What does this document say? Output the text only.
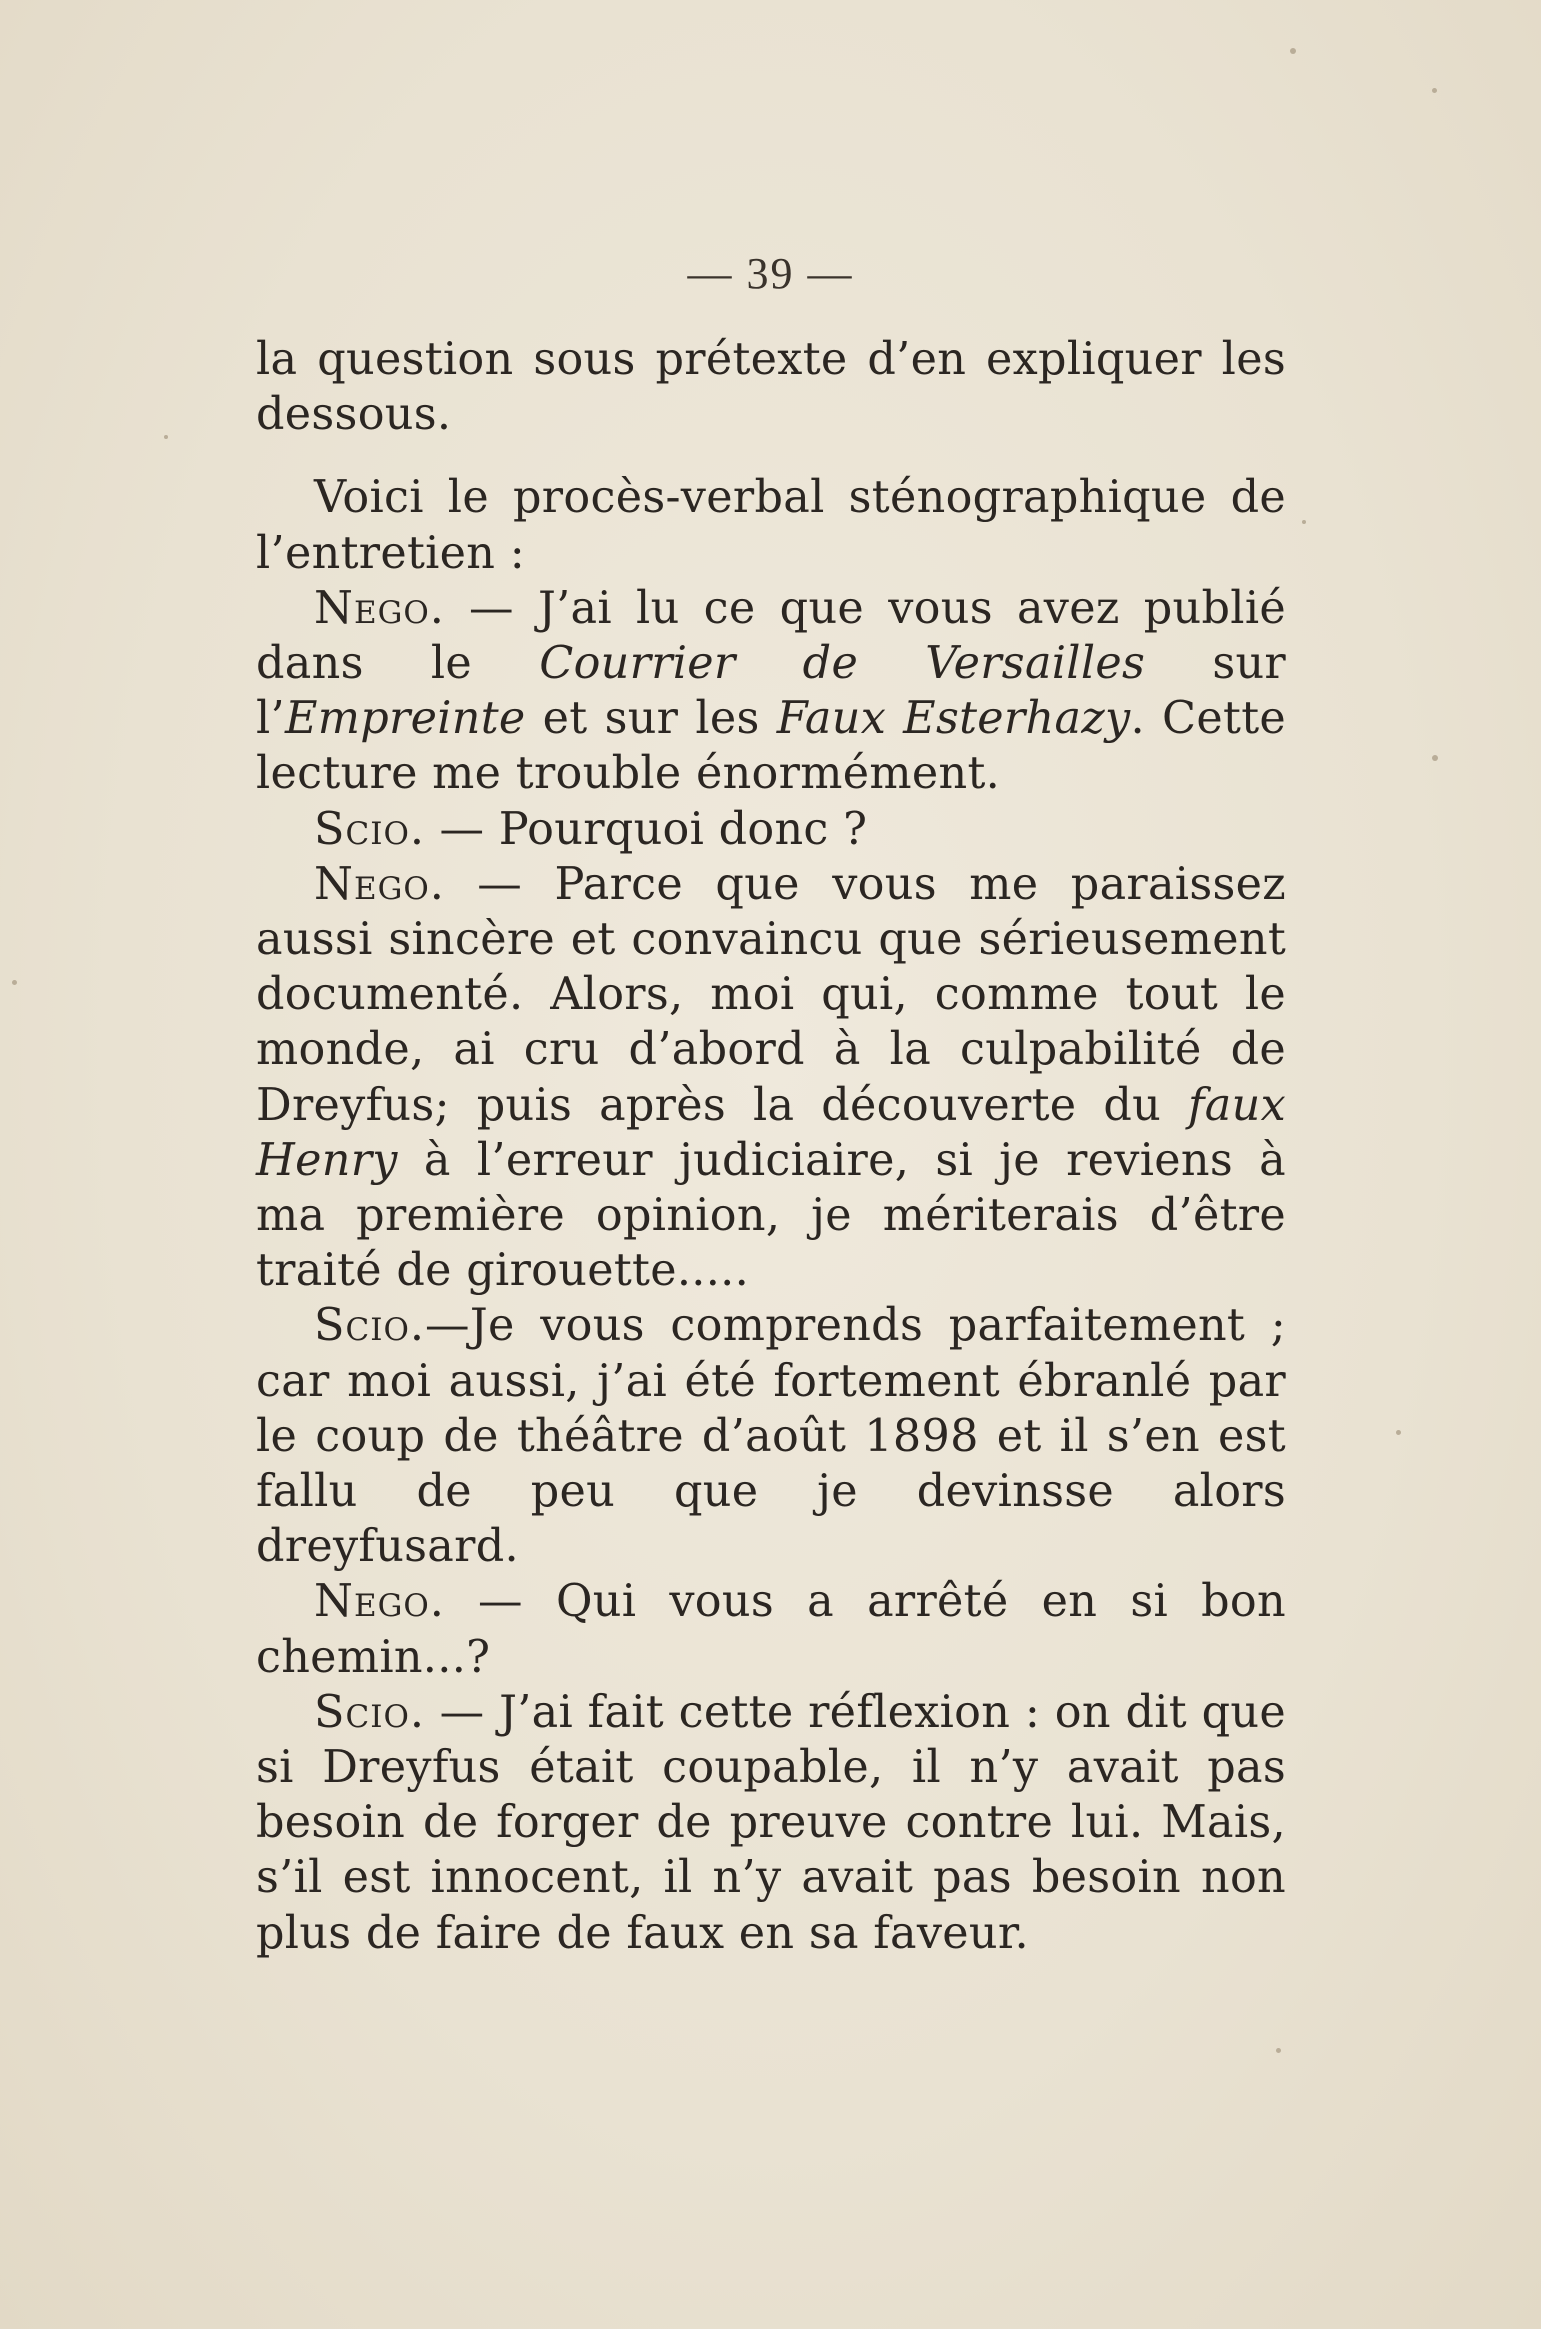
— 39 —

la question sous prétexte d’en expliquer les dessous.

Voici le procès-verbal sténographique de l’entretien :

Nego. — J’ai lu ce que vous avez publié dans le Courrier de Versailles sur l’Empreinte et sur les Faux Esterhazy. Cette lecture me trouble énormément.

Scio. — Pourquoi donc ?

Nego. — Parce que vous me paraissez aussi sincère et convaincu que sérieusement documenté. Alors, moi qui, comme tout le monde, ai cru d’abord à la culpabilité de Dreyfus; puis après la découverte du faux Henry à l’erreur judiciaire, si je reviens à ma première opinion, je mériterais d’être traité de girouette.....

Scio.—Je vous comprends parfaitement ; car moi aussi, j’ai été fortement ébranlé par le coup de théâtre d’août 1898 et il s’en est fallu de peu que je devinsse alors dreyfusard.

Nego. — Qui vous a arrêté en si bon chemin...?

Scio. — J’ai fait cette réflexion : on dit que si Dreyfus était coupable, il n’y avait pas besoin de forger de preuve contre lui. Mais, s’il est innocent, il n’y avait pas besoin non plus de faire de faux en sa faveur.
